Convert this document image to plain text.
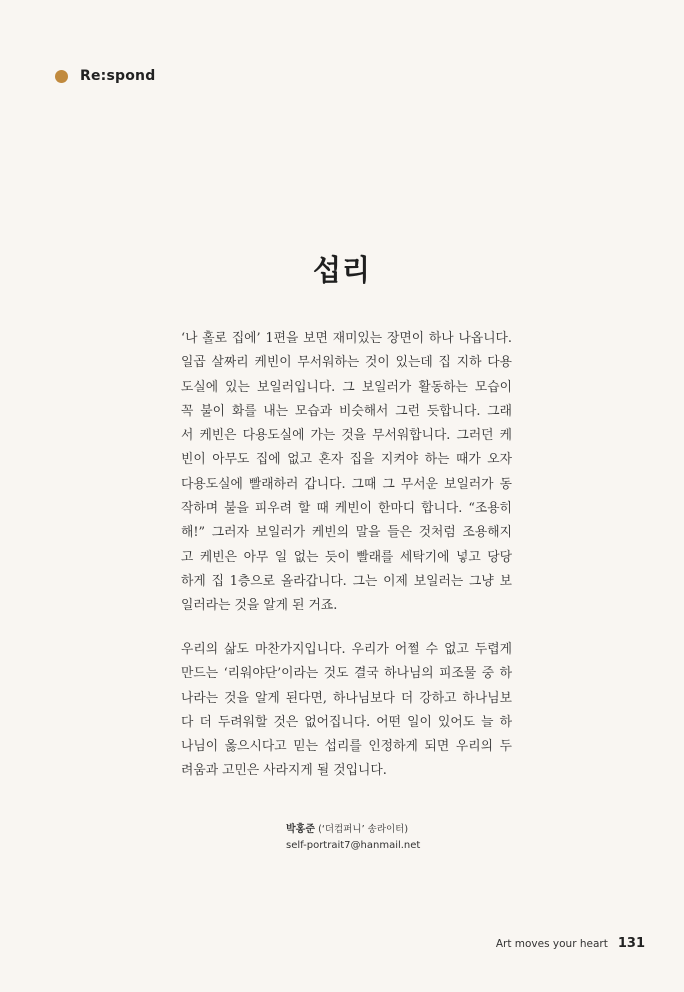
Re:spond
섭리
‘나 홀로 집에’ 1편을 보면 재미있는 장면이 하나 나옵니다.
일곱 살짜리 케빈이 무서워하는 것이 있는데 집 지하 다용
도실에 있는 보일러입니다. 그 보일러가 활동하는 모습이
꼭 불이 화를 내는 모습과 비슷해서 그런 듯합니다. 그래
서 케빈은 다용도실에 가는 것을 무서워합니다. 그러던 케
빈이 아무도 집에 없고 혼자 집을 지켜야 하는 때가 오자
다용도실에 빨래하러 갑니다. 그때 그 무서운 보일러가 동
작하며 불을 피우려 할 때 케빈이 한마디 합니다. “조용히
해!” 그러자 보일러가 케빈의 말을 들은 것처럼 조용해지
고 케빈은 아무 일 없는 듯이 빨래를 세탁기에 넣고 당당
하게 집 1층으로 올라갑니다. 그는 이제 보일러는 그냥 보
일러라는 것을 알게 된 거죠.
우리의 삶도 마찬가지입니다. 우리가 어쩔 수 없고 두렵게
만드는 ‘리워야단’이라는 것도 결국 하나님의 피조물 중 하
나라는 것을 알게 된다면, 하나님보다 더 강하고 하나님보
다 더 두려워할 것은 없어집니다. 어떤 일이 있어도 늘 하
나님이 옳으시다고 믿는 섭리를 인정하게 되면 우리의 두
려움과 고민은 사라지게 될 것입니다.
박홍준 (‘더컴퍼니’ 송라이터)
self-portrait7@hanmail.net
Art moves your heart 131
